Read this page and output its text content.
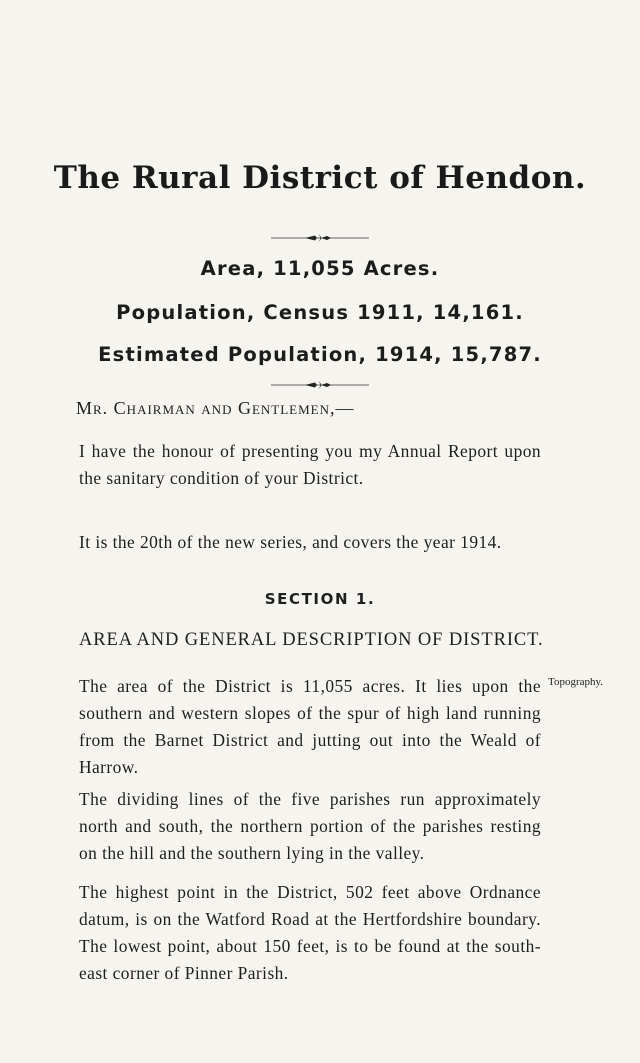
The Rural District of Hendon.
Area, 11,055 Acres.
Population, Census 1911, 14,161.
Estimated Population, 1914, 15,787.
Mr. Chairman and Gentlemen,—
I have the honour of presenting you my Annual Report upon the sanitary condition of your District.
It is the 20th of the new series, and covers the year 1914.
SECTION 1.
AREA AND GENERAL DESCRIPTION OF DISTRICT.
Topography.
The area of the District is 11,055 acres. It lies upon the southern and western slopes of the spur of high land running from the Barnet District and jutting out into the Weald of Harrow.
The dividing lines of the five parishes run approximately north and south, the northern portion of the parishes resting on the hill and the southern lying in the valley.
The highest point in the District, 502 feet above Ordnance datum, is on the Watford Road at the Hertfordshire boundary. The lowest point, about 150 feet, is to be found at the south-east corner of Pinner Parish.
